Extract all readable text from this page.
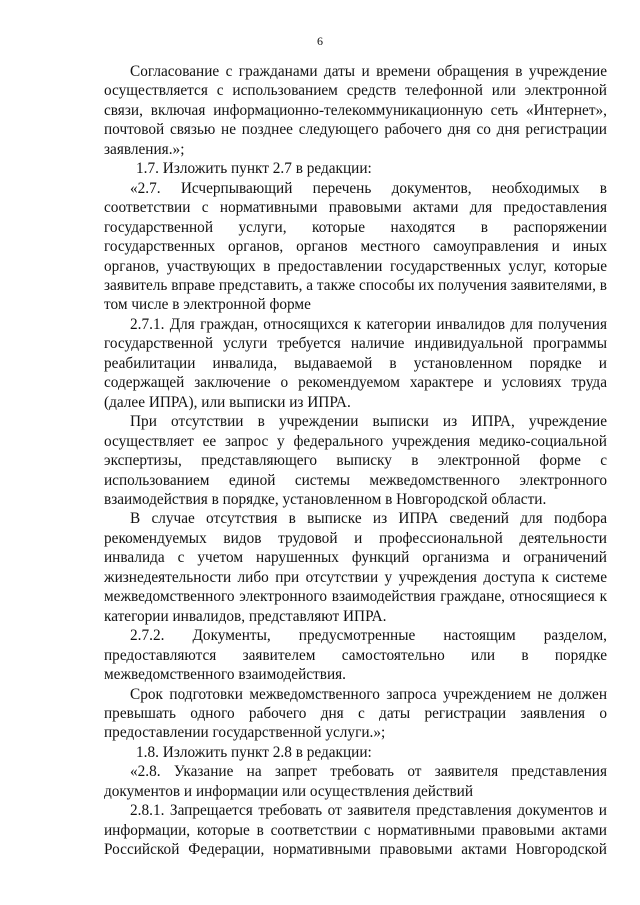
6

Согласование с гражданами даты и времени обращения в учреждение осуществляется с использованием средств телефонной или электронной связи, включая информационно-телекоммуникационную сеть «Интернет», почтовой связью не позднее следующего рабочего дня со дня регистрации заявления.»;

1.7. Изложить пункт 2.7 в редакции:

«2.7. Исчерпывающий перечень документов, необходимых в соответствии с нормативными правовыми актами для предоставления государственной услуги, которые находятся в распоряжении государственных органов, органов местного самоуправления и иных органов, участвующих в предоставлении государственных услуг, которые заявитель вправе представить, а также способы их получения заявителями, в том числе в электронной форме

2.7.1. Для граждан, относящихся к категории инвалидов для получения государственной услуги требуется наличие индивидуальной программы реабилитации инвалида, выдаваемой в установленном порядке и содержащей заключение о рекомендуемом характере и условиях труда (далее ИПРА), или выписки из ИПРА.

При отсутствии в учреждении выписки из ИПРА, учреждение осуществляет ее запрос у федерального учреждения медико-социальной экспертизы, представляющего выписку в электронной форме с использованием единой системы межведомственного электронного взаимодействия в порядке, установленном в Новгородской области.

В случае отсутствия в выписке из ИПРА сведений для подбора рекомендуемых видов трудовой и профессиональной деятельности инвалида с учетом нарушенных функций организма и ограничений жизнедеятельности либо при отсутствии у учреждения доступа к системе межведомственного электронного взаимодействия граждане, относящиеся к категории инвалидов, представляют ИПРА.

2.7.2. Документы, предусмотренные настоящим разделом, предоставляются заявителем самостоятельно или в порядке межведомственного взаимодействия.

Срок подготовки межведомственного запроса учреждением не должен превышать одного рабочего дня с даты регистрации заявления о предоставлении государственной услуги.»;

1.8. Изложить пункт 2.8 в редакции:

«2.8. Указание на запрет требовать от заявителя представления документов и информации или осуществления действий

2.8.1. Запрещается требовать от заявителя представления документов и информации, которые в соответствии с нормативными правовыми актами Российской Федерации, нормативными правовыми актами Новгородской
